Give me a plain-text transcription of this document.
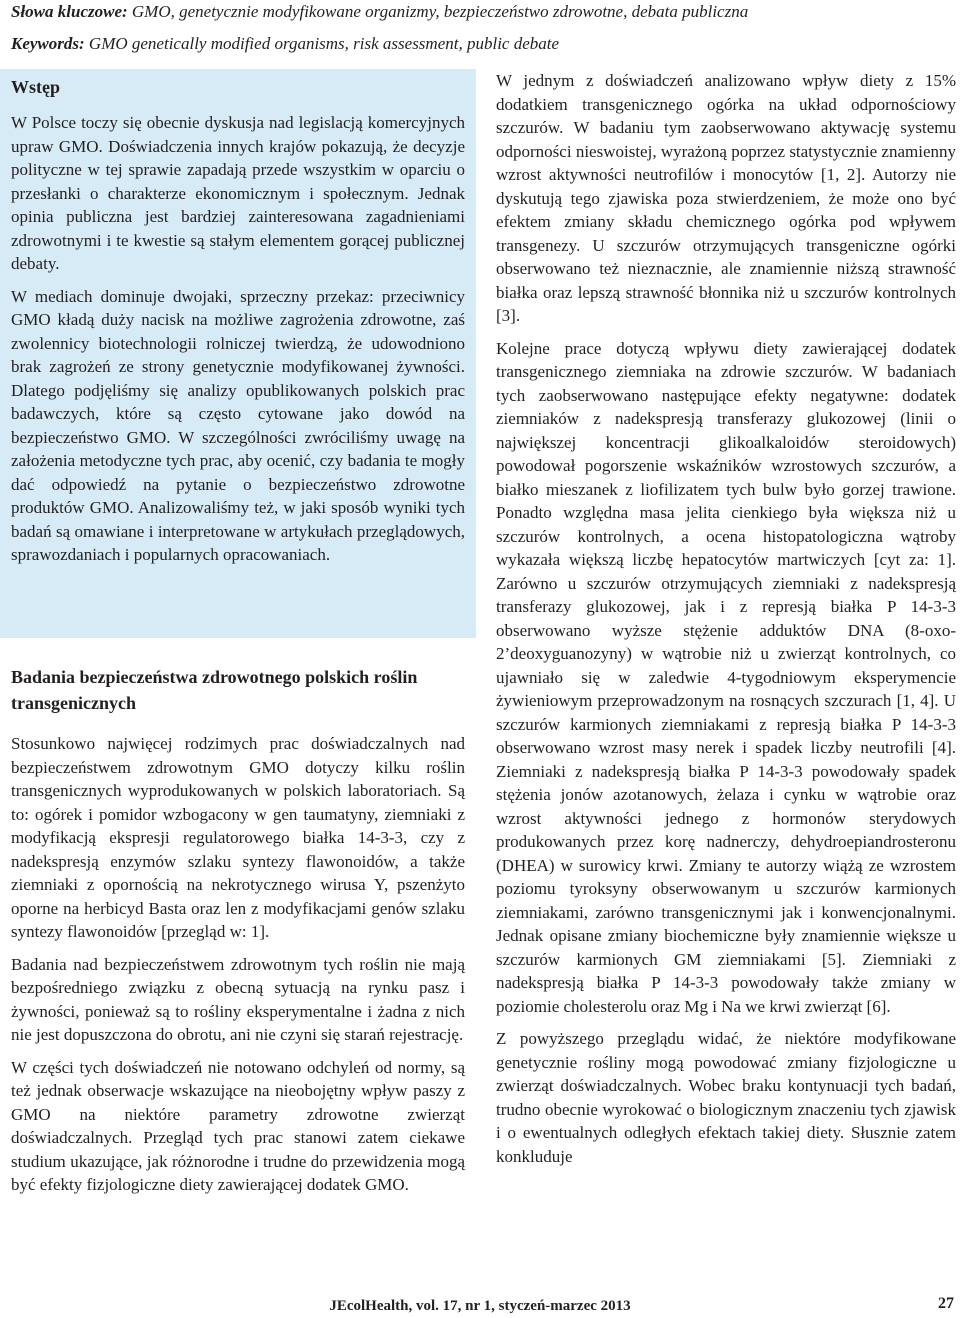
Słowa kluczowe: GMO, genetycznie modyfikowane organizmy, bezpieczeństwo zdrowotne, debata publiczna
Keywords: GMO genetically modified organisms, risk assessment, public debate
Wstęp

W Polsce toczy się obecnie dyskusja nad legislacją komercyjnych upraw GMO. Doświadczenia innych krajów pokazują, że decyzje polityczne w tej sprawie zapadają przede wszystkim w oparciu o przesłanki o charakterze ekonomicznym i społecznym. Jednak opinia publiczna jest bardziej zainteresowana zagadnieniami zdrowotnymi i te kwestie są stałym elementem gorącej publicznej debaty.

W mediach dominuje dwojaki, sprzeczny przekaz: przeciwnicy GMO kładą duży nacisk na możliwe zagrożenia zdrowotne, zaś zwolennicy biotechnologii rolniczej twierdzą, że udowodniono brak zagrożeń ze strony genetycznie modyfikowanej żywności. Dlatego podjęliśmy się analizy opublikowanych polskich prac badawczych, które są często cytowane jako dowód na bezpieczeństwo GMO. W szczególności zwróciliśmy uwagę na założenia metodyczne tych prac, aby ocenić, czy badania te mogły dać odpowiedź na pytanie o bezpieczeństwo zdrowotne produktów GMO. Analizowaliśmy też, w jaki sposób wyniki tych badań są omawiane i interpretowane w artykułach przeglądowych, sprawozdaniach i popularnych opracowaniach.

Badania bezpieczeństwa zdrowotnego polskich roślin transgenicznych

Stosunkowo najwięcej rodzimych prac doświadczalnych nad bezpieczeństwem zdrowotnym GMO dotyczy kilku roślin transgenicznych wyprodukowanych w polskich laboratoriach. Są to: ogórek i pomidor wzbogacony w gen taumatyny, ziemniaki z modyfikacją ekspresji regulatorowego białka 14-3-3, czy z nadekspresją enzymów szlaku syntezy flawonoidów, a także ziemniaki z opornością na nekrotycznego wirusa Y, pszenżyto oporne na herbicyd Basta oraz len z modyfikacjami genów szlaku syntezy flawonoidów [przegląd w: 1].

Badania nad bezpieczeństwem zdrowotnym tych roślin nie mają bezpośredniego związku z obecną sytuacją na rynku pasz i żywności, ponieważ są to rośliny eksperymentalne i żadna z nich nie jest dopuszczona do obrotu, ani nie czyni się starań rejestrację.

W części tych doświadczeń nie notowano odchyleń od normy, są też jednak obserwacje wskazujące na nieobojętny wpływ paszy z GMO na niektóre parametry zdrowotne zwierząt doświadczalnych. Przegląd tych prac stanowi zatem ciekawe studium ukazujące, jak różnorodne i trudne do przewidzenia mogą być efekty fizjologiczne diety zawierającej dodatek GMO.

W jednym z doświadczeń analizowano wpływ diety z 15% dodatkiem transgenicznego ogórka na układ odpornościowy szczurów. W badaniu tym zaobserwowano aktywację systemu odporności nieswoistej, wyrażoną poprzez statystycznie znamienny wzrost aktywności neutrofilów i monocytów [1, 2]. Autorzy nie dyskutują tego zjawiska poza stwierdzeniem, że może ono być efektem zmiany składu chemicznego ogórka pod wpływem transgenezy. U szczurów otrzymujących transgeniczne ogórki obserwowano też nieznacznie, ale znamiennie niższą strawność białka oraz lepszą strawność błonnika niż u szczurów kontrolnych [3].

Kolejne prace dotyczą wpływu diety zawierającej dodatek transgenicznego ziemniaka na zdrowie szczurów. W badaniach tych zaobserwowano następujące efekty negatywne: dodatek ziemniaków z nadekspresją transferazy glukozowej (linii o największej koncentracji glikoalkaloidów steroidowych) powodował pogorszenie wskaźników wzrostowych szczurów, a białko mieszanek z liofilizatem tych bulw było gorzej trawione. Ponadto względna masa jelita cienkiego była większa niż u szczurów kontrolnych, a ocena histopatologiczna wątroby wykazała większą liczbę hepatocytów martwiczych [cyt za: 1]. Zarówno u szczurów otrzymujących ziemniaki z nadekspresją transferazy glukozowej, jak i z represją białka P 14-3-3 obserwowano wyższe stężenie adduktów DNA (8-oxo-2’deoxyguanozyny) w wątrobie niż u zwierząt kontrolnych, co ujawniało się w zaledwie 4-tygodniowym eksperymencie żywieniowym przeprowadzonym na rosnących szczurach [1, 4]. U szczurów karmionych ziemniakami z represją białka P 14-3-3 obserwowano wzrost masy nerek i spadek liczby neutrofili [4]. Ziemniaki z nadekspresją białka P 14-3-3 powodowały spadek stężenia jonów azotanowych, żelaza i cynku w wątrobie oraz wzrost aktywności jednego z hormonów sterydowych produkowanych przez korę nadnerczy, dehydroepiandrosteronu (DHEA) w surowicy krwi. Zmiany te autorzy wiążą ze wzrostem poziomu tyroksyny obserwowanym u szczurów karmionych ziemniakami, zarówno transgenicznymi jak i konwencjonalnymi. Jednak opisane zmiany biochemiczne były znamiennie większe u szczurów karmionych GM ziemniakami [5]. Ziemniaki z nadekspresją białka P 14-3-3 powodowały także zmiany w poziomie cholesterolu oraz Mg i Na we krwi zwierząt [6].

Z powyższego przeglądu widać, że niektóre modyfikowane genetycznie rośliny mogą powodować zmiany fizjologiczne u zwierząt doświadczalnych. Wobec braku kontynuacji tych badań, trudno obecnie wyrokować o biologicznym znaczeniu tych zjawisk i o ewentualnych odległych efektach takiej diety. Słusznie zatem konkluduje

JEcolHealth, vol. 17, nr 1, styczeń-marzec 2013	27
